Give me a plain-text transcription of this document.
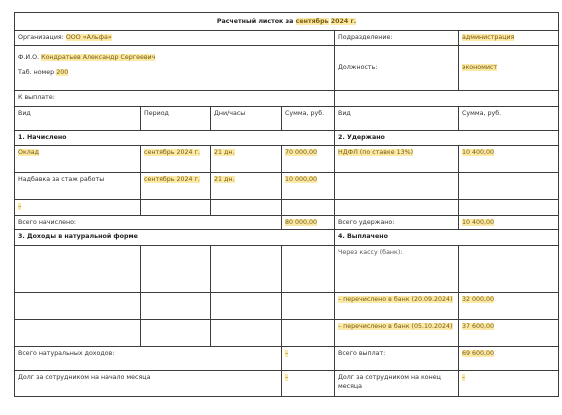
Расчетный листок за сентябрь 2024 г.					
Организация: ООО «Альфа»				Подразделение:	администрация

Ф.И.О. Кондратьев Александр Сергеевич
Таб. номер 200				Должность:	экономист
К выплате:					
Вид	Период	Дни/часы	Сумма, руб.	Вид	Сумма, руб.
1. Начислено				2. Удержано	
Оклад	сентябрь 2024 г.	21 дн.	70 000,00	НДФЛ (по ставке 13%)	10 400,00
Надбавка за стаж работы	сентябрь 2024 г.	21 дн.	10 000,00		
–					
Всего начислено:			80 000,00	Всего удержано:	10 400,00
3. Доходы в натуральной форме				4. Выплачено	
				Через кассу (банк):	
				– перечислено в банк (20.09.2024)	32 000,00
				– перечислено в банк (05.10.2024)	37 600,00
Всего натуральных доходов:			–	Всего выплат:	69 600,00
Долг за сотрудником на начало месяца			–	Долг за сотрудником на конец месяца	–
